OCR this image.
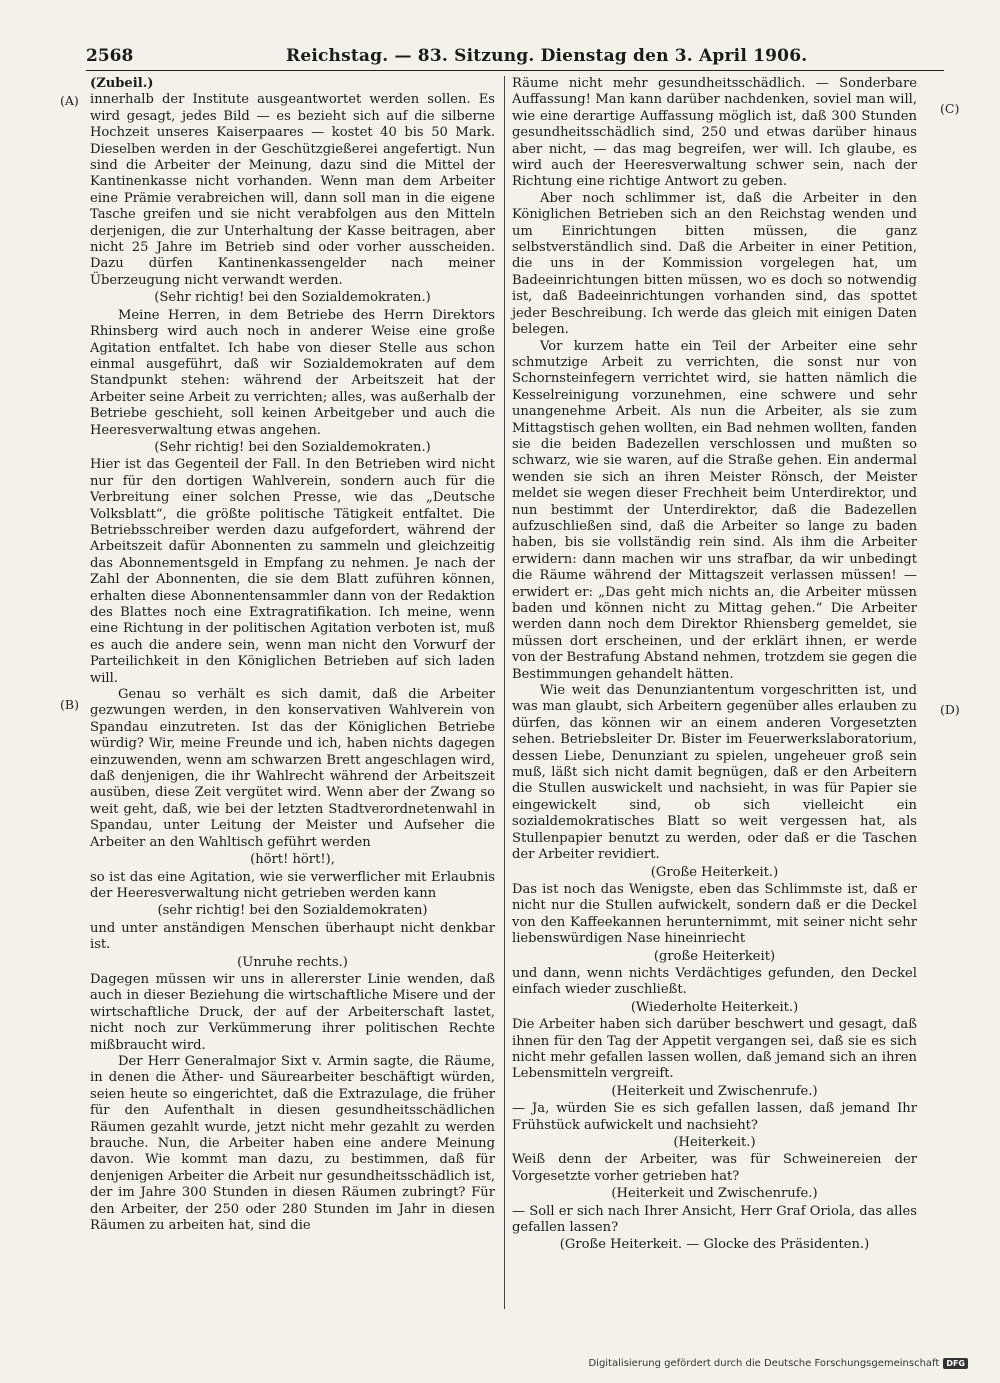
2568	Reichstag. — 83. Sitzung. Dienstag den 3. April 1906.
(A)
(B)
(C)
(D)

(Zubeil.)

innerhalb der Institute ausgeantwortet werden sollen. Es wird gesagt, jedes Bild — es bezieht sich auf die silberne Hochzeit unseres Kaiserpaares — kostet 40 bis 50 Mark. Dieselben werden in der Geschützgießerei angefertigt. Nun sind die Arbeiter der Meinung, dazu sind die Mittel der Kantinenkasse nicht vorhanden. Wenn man dem Arbeiter eine Prämie verabreichen will, dann soll man in die eigene Tasche greifen und sie nicht verabfolgen aus den Mitteln derjenigen, die zur Unterhaltung der Kasse beitragen, aber nicht 25 Jahre im Betrieb sind oder vorher ausscheiden. Dazu dürfen Kantinenkassengelder nach meiner Überzeugung nicht verwandt werden.

(Sehr richtig! bei den Sozialdemokraten.)

Meine Herren, in dem Betriebe des Herrn Direktors Rhinsberg wird auch noch in anderer Weise eine große Agitation entfaltet. Ich habe von dieser Stelle aus schon einmal ausgeführt, daß wir Sozialdemokraten auf dem Standpunkt stehen: während der Arbeitszeit hat der Arbeiter seine Arbeit zu verrichten; alles, was außerhalb der Betriebe geschieht, soll keinen Arbeitgeber und auch die Heeresverwaltung etwas angehen.

(Sehr richtig! bei den Sozialdemokraten.)

Hier ist das Gegenteil der Fall. In den Betrieben wird nicht nur für den dortigen Wahlverein, sondern auch für die Verbreitung einer solchen Presse, wie das „Deutsche Volksblatt“, die größte politische Tätigkeit entfaltet. Die Betriebsschreiber werden dazu aufgefordert, während der Arbeitszeit dafür Abonnenten zu sammeln und gleichzeitig das Abonnementsgeld in Empfang zu nehmen. Je nach der Zahl der Abonnenten, die sie dem Blatt zuführen können, erhalten diese Abonnentensammler dann von der Redaktion des Blattes noch eine Extragratifikation. Ich meine, wenn eine Richtung in der politischen Agitation verboten ist, muß es auch die andere sein, wenn man nicht den Vorwurf der Parteilichkeit in den Königlichen Betrieben auf sich laden will.

Genau so verhält es sich damit, daß die Arbeiter gezwungen werden, in den konservativen Wahlverein von Spandau einzutreten. Ist das der Königlichen Betriebe würdig? Wir, meine Freunde und ich, haben nichts dagegen einzuwenden, wenn am schwarzen Brett angeschlagen wird, daß denjenigen, die ihr Wahlrecht während der Arbeitszeit ausüben, diese Zeit vergütet wird. Wenn aber der Zwang so weit geht, daß, wie bei der letzten Stadtverordnetenwahl in Spandau, unter Leitung der Meister und Aufseher die Arbeiter an den Wahltisch geführt werden

(hört! hört!),

so ist das eine Agitation, wie sie verwerflicher mit Erlaubnis der Heeresverwaltung nicht getrieben werden kann

(sehr richtig! bei den Sozialdemokraten)

und unter anständigen Menschen überhaupt nicht denkbar ist.

(Unruhe rechts.)

Dagegen müssen wir uns in allererster Linie wenden, daß auch in dieser Beziehung die wirtschaftliche Misere und der wirtschaftliche Druck, der auf der Arbeiterschaft lastet, nicht noch zur Verkümmerung ihrer politischen Rechte mißbraucht wird.

Der Herr Generalmajor Sixt v. Armin sagte, die Räume, in denen die Äther- und Säurearbeiter beschäftigt würden, seien heute so eingerichtet, daß die Extrazulage, die früher für den Aufenthalt in diesen gesundheitsschädlichen Räumen gezahlt wurde, jetzt nicht mehr gezahlt zu werden brauche. Nun, die Arbeiter haben eine andere Meinung davon. Wie kommt man dazu, zu bestimmen, daß für denjenigen Arbeiter die Arbeit nur gesundheitsschädlich ist, der im Jahre 300 Stunden in diesen Räumen zubringt? Für den Arbeiter, der 250 oder 280 Stunden im Jahr in diesen Räumen zu arbeiten hat, sind die

Räume nicht mehr gesundheitsschädlich. — Sonderbare Auffassung! Man kann darüber nachdenken, soviel man will, wie eine derartige Auffassung möglich ist, daß 300 Stunden gesundheitsschädlich sind, 250 und etwas darüber hinaus aber nicht, — das mag begreifen, wer will. Ich glaube, es wird auch der Heeresverwaltung schwer sein, nach der Richtung eine richtige Antwort zu geben.

Aber noch schlimmer ist, daß die Arbeiter in den Königlichen Betrieben sich an den Reichstag wenden und um Einrichtungen bitten müssen, die ganz selbstverständlich sind. Daß die Arbeiter in einer Petition, die uns in der Kommission vorgelegen hat, um Badeeinrichtungen bitten müssen, wo es doch so notwendig ist, daß Badeeinrichtungen vorhanden sind, das spottet jeder Beschreibung. Ich werde das gleich mit einigen Daten belegen.

Vor kurzem hatte ein Teil der Arbeiter eine sehr schmutzige Arbeit zu verrichten, die sonst nur von Schornsteinfegern verrichtet wird, sie hatten nämlich die Kesselreinigung vorzunehmen, eine schwere und sehr unangenehme Arbeit. Als nun die Arbeiter, als sie zum Mittagstisch gehen wollten, ein Bad nehmen wollten, fanden sie die beiden Badezellen verschlossen und mußten so schwarz, wie sie waren, auf die Straße gehen. Ein andermal wenden sie sich an ihren Meister Rönsch, der Meister meldet sie wegen dieser Frechheit beim Unterdirektor, und nun bestimmt der Unterdirektor, daß die Badezellen aufzuschließen sind, daß die Arbeiter so lange zu baden haben, bis sie vollständig rein sind. Als ihm die Arbeiter erwidern: dann machen wir uns strafbar, da wir unbedingt die Räume während der Mittagszeit verlassen müssen! — erwidert er: „Das geht mich nichts an, die Arbeiter müssen baden und können nicht zu Mittag gehen.“ Die Arbeiter werden dann noch dem Direktor Rhiensberg gemeldet, sie müssen dort erscheinen, und der erklärt ihnen, er werde von der Bestrafung Abstand nehmen, trotzdem sie gegen die Bestimmungen gehandelt hätten.

Wie weit das Denunziantentum vorgeschritten ist, und was man glaubt, sich Arbeitern gegenüber alles erlauben zu dürfen, das können wir an einem anderen Vorgesetzten sehen. Betriebsleiter Dr. Bister im Feuerwerkslaboratorium, dessen Liebe, Denunziant zu spielen, ungeheuer groß sein muß, läßt sich nicht damit begnügen, daß er den Arbeitern die Stullen auswickelt und nachsieht, in was für Papier sie eingewickelt sind, ob sich vielleicht ein sozialdemokratisches Blatt so weit vergessen hat, als Stullenpapier benutzt zu werden, oder daß er die Taschen der Arbeiter revidiert.

(Große Heiterkeit.)

Das ist noch das Wenigste, eben das Schlimmste ist, daß er nicht nur die Stullen aufwickelt, sondern daß er die Deckel von den Kaffeekannen herunternimmt, mit seiner nicht sehr liebenswürdigen Nase hineinriecht

(große Heiterkeit)

und dann, wenn nichts Verdächtiges gefunden, den Deckel einfach wieder zuschließt.

(Wiederholte Heiterkeit.)

Die Arbeiter haben sich darüber beschwert und gesagt, daß ihnen für den Tag der Appetit vergangen sei, daß sie es sich nicht mehr gefallen lassen wollen, daß jemand sich an ihren Lebensmitteln vergreift.

(Heiterkeit und Zwischenrufe.)

— Ja, würden Sie es sich gefallen lassen, daß jemand Ihr Frühstück aufwickelt und nachsieht?

(Heiterkeit.)

Weiß denn der Arbeiter, was für Schweinereien der Vorgesetzte vorher getrieben hat?

(Heiterkeit und Zwischenrufe.)

— Soll er sich nach Ihrer Ansicht, Herr Graf Oriola, das alles gefallen lassen?

(Große Heiterkeit. — Glocke des Präsidenten.)

Digitalisierung gefördert durch die Deutsche Forschungsgemeinschaft DFG
